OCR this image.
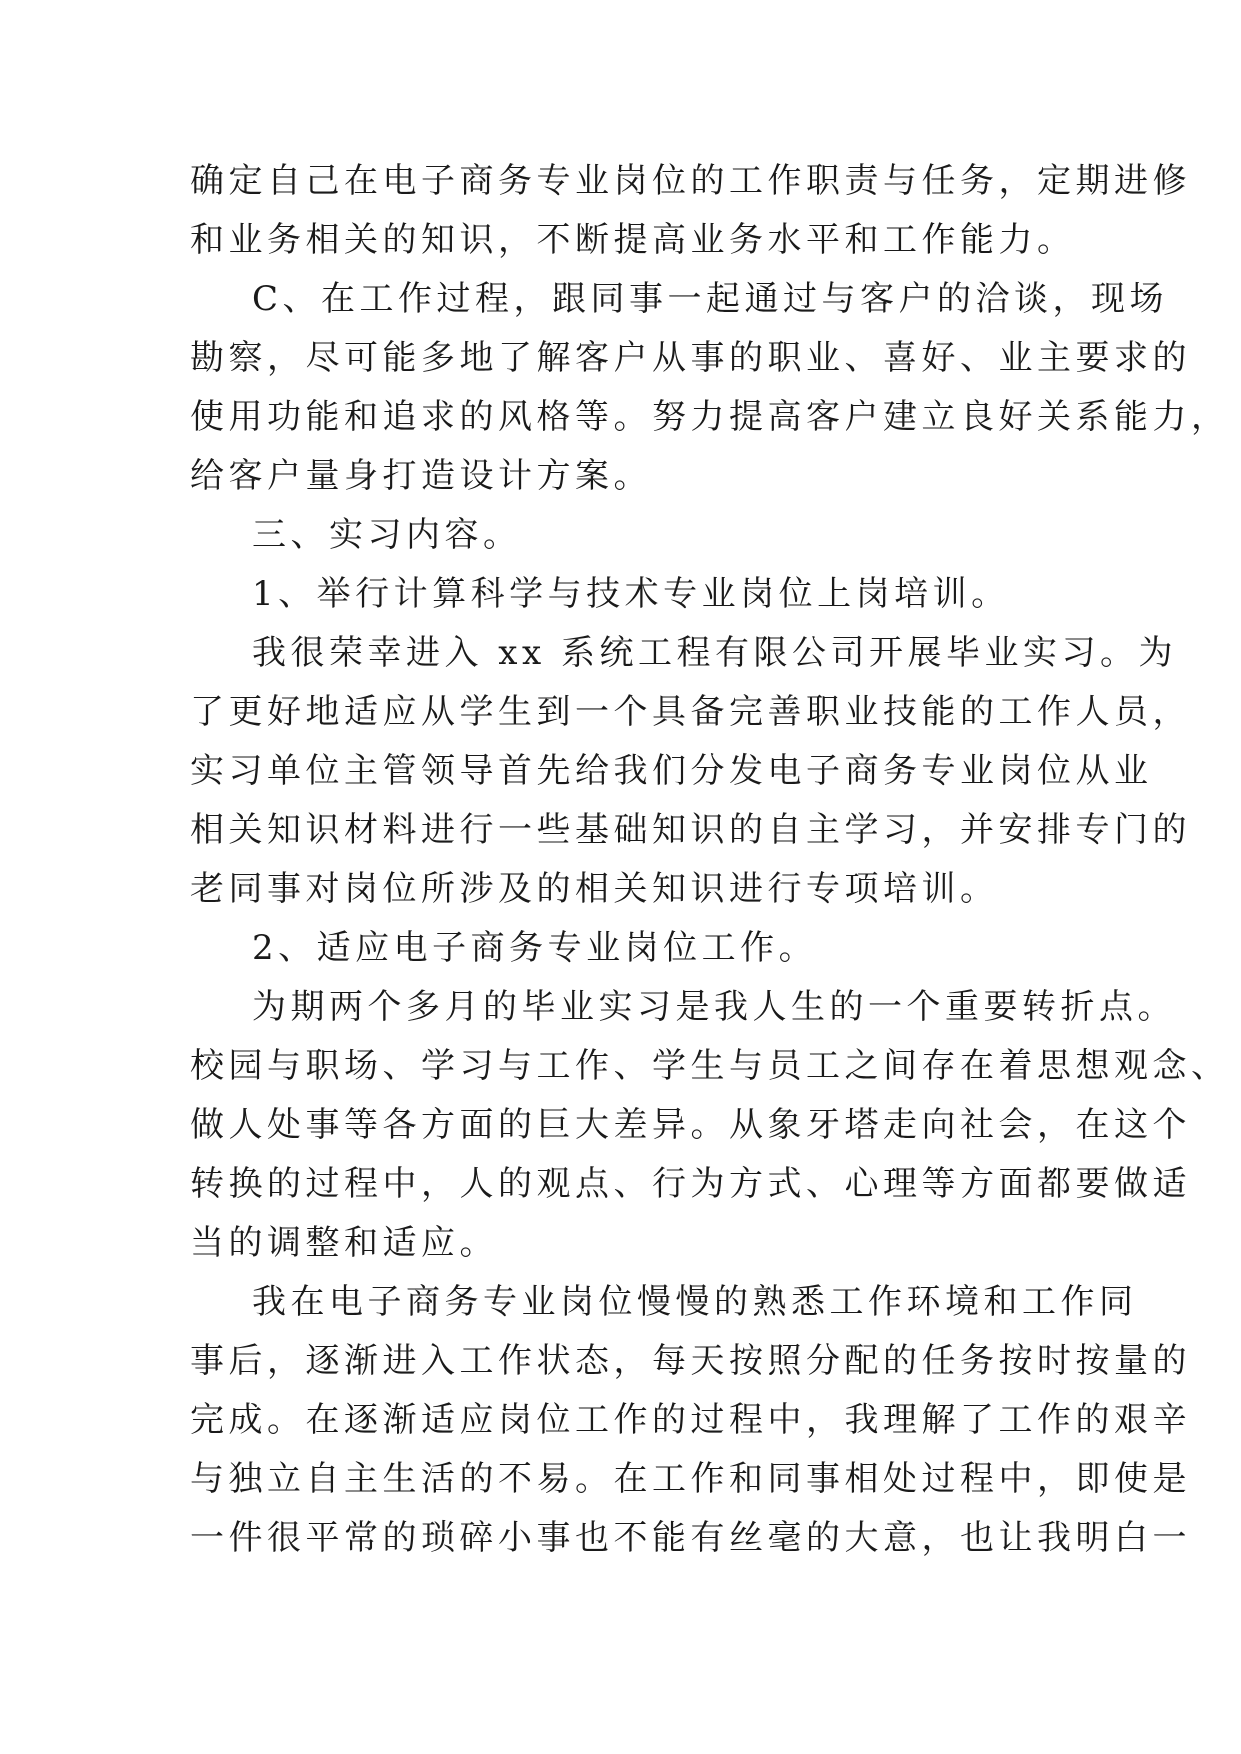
确定自己在电子商务专业岗位的工作职责与任务，定期进修
和业务相关的知识，不断提高业务水平和工作能力。
C、在工作过程，跟同事一起通过与客户的洽谈，现场
勘察，尽可能多地了解客户从事的职业、喜好、业主要求的
使用功能和追求的风格等。努力提高客户建立良好关系能力，
给客户量身打造设计方案。
三、实习内容。
1、举行计算科学与技术专业岗位上岗培训。
我很荣幸进入 xx 系统工程有限公司开展毕业实习。为
了更好地适应从学生到一个具备完善职业技能的工作人员，
实习单位主管领导首先给我们分发电子商务专业岗位从业
相关知识材料进行一些基础知识的自主学习，并安排专门的
老同事对岗位所涉及的相关知识进行专项培训。
2、适应电子商务专业岗位工作。
为期两个多月的毕业实习是我人生的一个重要转折点。
校园与职场、学习与工作、学生与员工之间存在着思想观念、
做人处事等各方面的巨大差异。从象牙塔走向社会，在这个
转换的过程中，人的观点、行为方式、心理等方面都要做适
当的调整和适应。
我在电子商务专业岗位慢慢的熟悉工作环境和工作同
事后，逐渐进入工作状态，每天按照分配的任务按时按量的
完成。在逐渐适应岗位工作的过程中，我理解了工作的艰辛
与独立自主生活的不易。在工作和同事相处过程中，即使是
一件很平常的琐碎小事也不能有丝毫的大意，也让我明白一
